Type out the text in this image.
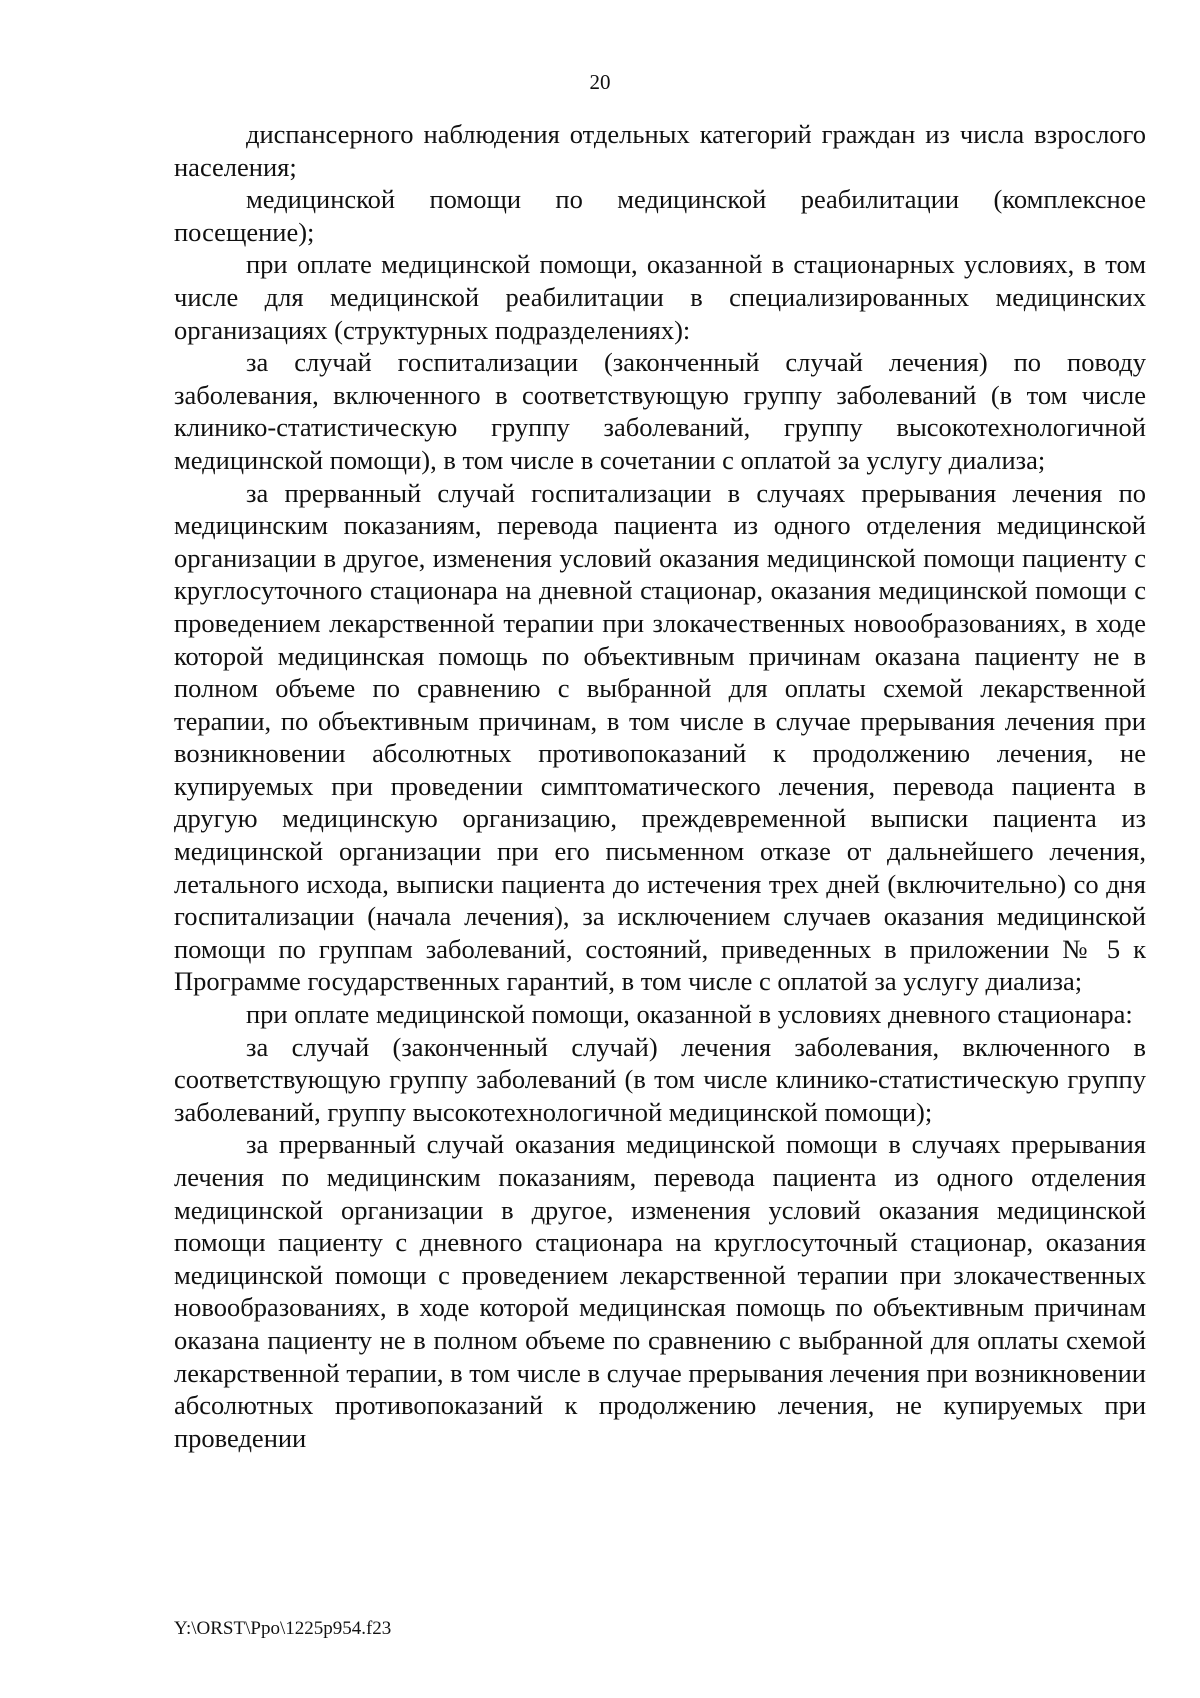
20

диспансерного наблюдения отдельных категорий граждан из числа взрослого населения;

медицинской помощи по медицинской реабилитации (комплексное посещение);

при оплате медицинской помощи, оказанной в стационарных условиях, в том числе для медицинской реабилитации в специализированных медицинских организациях (структурных подразделениях):

за случай госпитализации (законченный случай лечения) по поводу заболевания, включенного в соответствующую группу заболеваний (в том числе клинико-статистическую группу заболеваний, группу высокотехнологичной медицинской помощи), в том числе в сочетании с оплатой за услугу диализа;

за прерванный случай госпитализации в случаях прерывания лечения по медицинским показаниям, перевода пациента из одного отделения медицинской организации в другое, изменения условий оказания медицинской помощи пациенту с круглосуточного стационара на дневной стационар, оказания медицинской помощи с проведением лекарственной терапии при злокачественных новообразованиях, в ходе которой медицинская помощь по объективным причинам оказана пациенту не в полном объеме по сравнению с выбранной для оплаты схемой лекарственной терапии, по объективным причинам, в том числе в случае прерывания лечения при возникновении абсолютных противопоказаний к продолжению лечения, не купируемых при проведении симптоматического лечения, перевода пациента в другую медицинскую организацию, преждевременной выписки пациента из медицинской организации при его письменном отказе от дальнейшего лечения, летального исхода, выписки пациента до истечения трех дней (включительно) со дня госпитализации (начала лечения), за исключением случаев оказания медицинской помощи по группам заболеваний, состояний, приведенных в приложении № 5 к Программе государственных гарантий, в том числе с оплатой за услугу диализа;

при оплате медицинской помощи, оказанной в условиях дневного стационара:

за случай (законченный случай) лечения заболевания, включенного в соответствующую группу заболеваний (в том числе клинико-статистическую группу заболеваний, группу высокотехнологичной медицинской помощи);

за прерванный случай оказания медицинской помощи в случаях прерывания лечения по медицинским показаниям, перевода пациента из одного отделения медицинской организации в другое, изменения условий оказания медицинской помощи пациенту с дневного стационара на круглосуточный стационар, оказания медицинской помощи с проведением лекарственной терапии при злокачественных новообразованиях, в ходе которой медицинская помощь по объективным причинам оказана пациенту не в полном объеме по сравнению с выбранной для оплаты схемой лекарственной терапии, в том числе в случае прерывания лечения при возникновении абсолютных противопоказаний к продолжению лечения, не купируемых при проведении

Y:\ORST\Ppo\1225p954.f23
